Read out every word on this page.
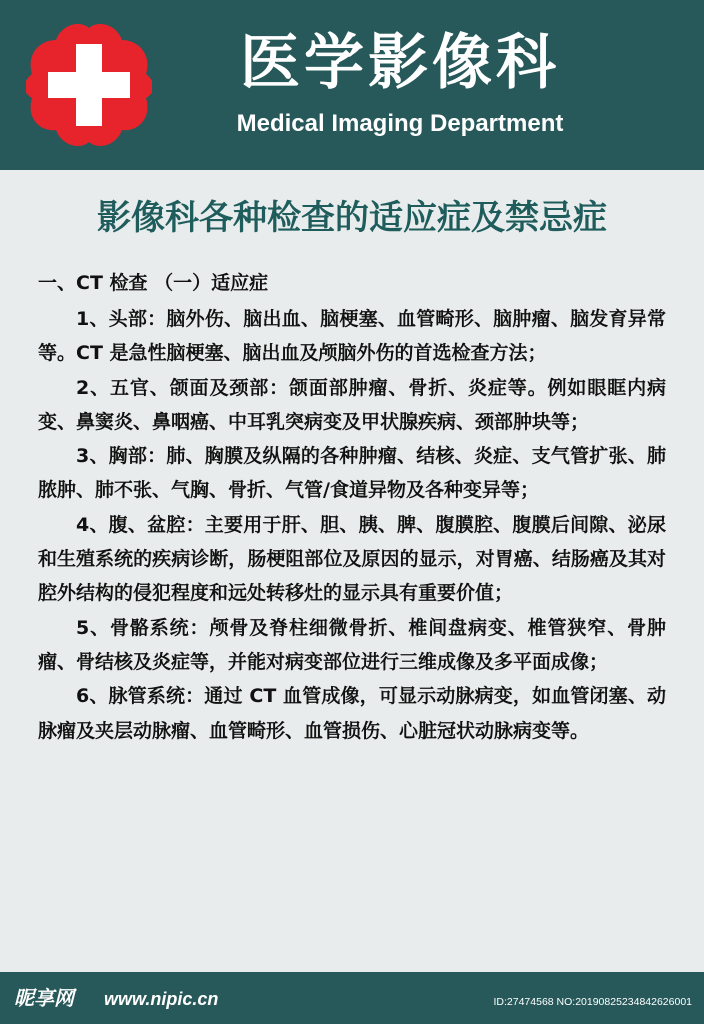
医学影像科
Medical Imaging Department
影像科各种检查的适应症及禁忌症
一、CT 检查 （一）适应症

1、头部：脑外伤、脑出血、脑梗塞、血管畸形、脑肿瘤、脑发育异常等。CT 是急性脑梗塞、脑出血及颅脑外伤的首选检查方法；

2、五官、颌面及颈部：颌面部肿瘤、骨折、炎症等。例如眼眶内病变、鼻窦炎、鼻咽癌、中耳乳突病变及甲状腺疾病、颈部肿块等；

3、胸部：肺、胸膜及纵隔的各种肿瘤、结核、炎症、支气管扩张、肺脓肿、肺不张、气胸、骨折、气管/食道异物及各种变异等；

4、腹、盆腔：主要用于肝、胆、胰、脾、腹膜腔、腹膜后间隙、泌尿和生殖系统的疾病诊断，肠梗阻部位及原因的显示，对胃癌、结肠癌及其对腔外结构的侵犯程度和远处转移灶的显示具有重要价值；

5、骨骼系统：颅骨及脊柱细微骨折、椎间盘病变、椎管狭窄、骨肿瘤、骨结核及炎症等，并能对病变部位进行三维成像及多平面成像；

6、脉管系统：通过 CT 血管成像，可显示动脉病变，如血管闭塞、动脉瘤及夹层动脉瘤、血管畸形、血管损伤、心脏冠状动脉病变等。

昵享网 www.nipic.cn	ID:27474568 NO:20190825234842626001
